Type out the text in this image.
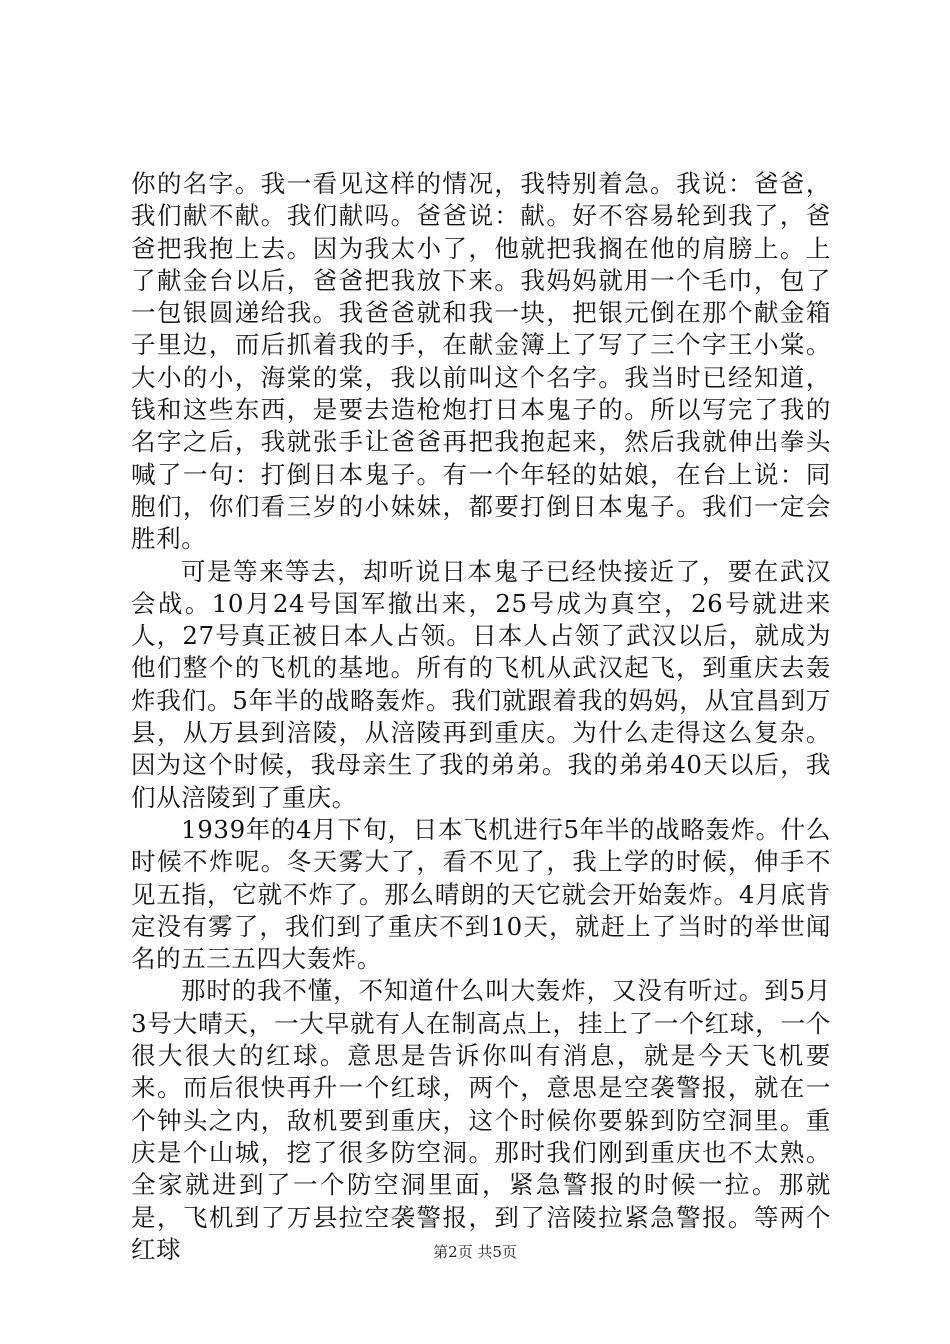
你的名字。我一看见这样的情况，我特别着急。我说：爸爸，我们献不献。我们献吗。爸爸说：献。好不容易轮到我了，爸爸把我抱上去。因为我太小了，他就把我搁在他的肩膀上。上了献金台以后，爸爸把我放下来。我妈妈就用一个毛巾，包了一包银圆递给我。我爸爸就和我一块，把银元倒在那个献金箱子里边，而后抓着我的手，在献金簿上了写了三个字王小棠。大小的小，海棠的棠，我以前叫这个名字。我当时已经知道，钱和这些东西，是要去造枪炮打日本鬼子的。所以写完了我的名字之后，我就张手让爸爸再把我抱起来，然后我就伸出拳头喊了一句：打倒日本鬼子。有一个年轻的姑娘，在台上说：同胞们，你们看三岁的小妹妹，都要打倒日本鬼子。我们一定会胜利。

可是等来等去，却听说日本鬼子已经快接近了，要在武汉会战。10月24号国军撤出来，25号成为真空，26号就进来人，27号真正被日本人占领。日本人占领了武汉以后，就成为他们整个的飞机的基地。所有的飞机从武汉起飞，到重庆去轰炸我们。5年半的战略轰炸。我们就跟着我的妈妈，从宜昌到万县，从万县到涪陵，从涪陵再到重庆。为什么走得这么复杂。因为这个时候，我母亲生了我的弟弟。我的弟弟40天以后，我们从涪陵到了重庆。

1939年的4月下旬，日本飞机进行5年半的战略轰炸。什么时候不炸呢。冬天雾大了，看不见了，我上学的时候，伸手不见五指，它就不炸了。那么晴朗的天它就会开始轰炸。4月底肯定没有雾了，我们到了重庆不到10天，就赶上了当时的举世闻名的五三五四大轰炸。

那时的我不懂，不知道什么叫大轰炸，又没有听过。到5月3号大晴天，一大早就有人在制高点上，挂上了一个红球，一个很大很大的红球。意思是告诉你叫有消息，就是今天飞机要来。而后很快再升一个红球，两个，意思是空袭警报，就在一个钟头之内，敌机要到重庆，这个时候你要躲到防空洞里。重庆是个山城，挖了很多防空洞。那时我们刚到重庆也不太熟。全家就进到了一个防空洞里面，紧急警报的时候一拉。那就是，飞机到了万县拉空袭警报，到了涪陵拉紧急警报。等两个红球	第2页 共5页
